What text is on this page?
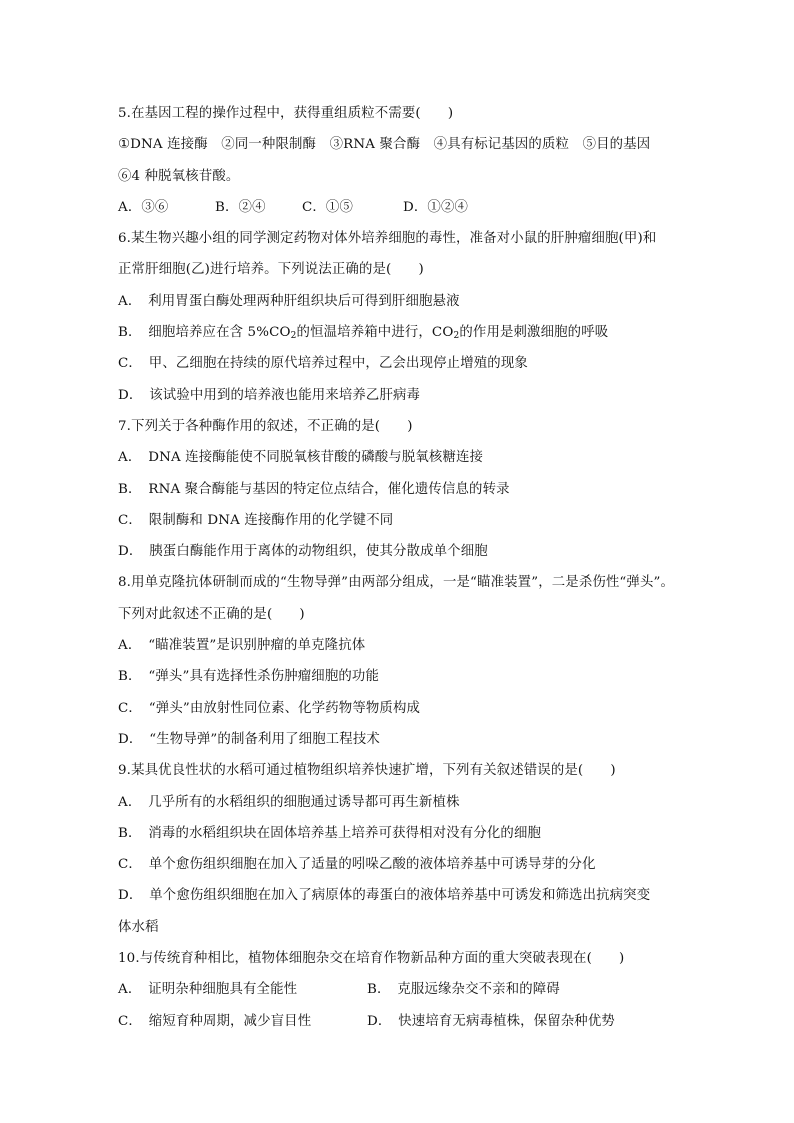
5.在基因工程的操作过程中，获得重组质粒不需要(　　)
①DNA 连接酶　②同一种限制酶　③RNA 聚合酶　④具有标记基因的质粒　⑤目的基因
⑥4 种脱氧核苷酸。
A．③⑥	B．②④	C．①⑤	D．①②④
6.某生物兴趣小组的同学测定药物对体外培养细胞的毒性，准备对小鼠的肝肿瘤细胞(甲)和
正常肝细胞(乙)进行培养。下列说法正确的是(　　)
A．　利用胃蛋白酶处理两种肝组织块后可得到肝细胞悬液
B．　细胞培养应在含 $5\%CO_2$的恒温培养箱中进行，$CO_2$的作用是刺激细胞的呼吸
C．　甲、乙细胞在持续的原代培养过程中，乙会出现停止增殖的现象
D．　该试验中用到的培养液也能用来培养乙肝病毒
7.下列关于各种酶作用的叙述，不正确的是(　　)
A．　DNA 连接酶能使不同脱氧核苷酸的磷酸与脱氧核糖连接
B．　RNA 聚合酶能与基因的特定位点结合，催化遗传信息的转录
C．　限制酶和 DNA 连接酶作用的化学键不同
D．　胰蛋白酶能作用于离体的动物组织，使其分散成单个细胞
8.用单克隆抗体研制而成的“生物导弹”由两部分组成，一是“瞄准装置”，二是杀伤性“弹头”。
下列对此叙述不正确的是(　　)
A．　“瞄准装置”是识别肿瘤的单克隆抗体
B．　“弹头”具有选择性杀伤肿瘤细胞的功能
C．　“弹头”由放射性同位素、化学药物等物质构成
D．　“生物导弹”的制备利用了细胞工程技术
9.某具优良性状的水稻可通过植物组织培养快速扩增，下列有关叙述错误的是(　　)
A．　几乎所有的水稻组织的细胞通过诱导都可再生新植株
B．　消毒的水稻组织块在固体培养基上培养可获得相对没有分化的细胞
C．　单个愈伤组织细胞在加入了适量的吲哚乙酸的液体培养基中可诱导芽的分化
D．　单个愈伤组织细胞在加入了病原体的毒蛋白的液体培养基中可诱发和筛选出抗病突变
体水稻
10.与传统育种相比，植物体细胞杂交在培育作物新品种方面的重大突破表现在(　　)
A．　证明杂种细胞具有全能性	B．　克服远缘杂交不亲和的障碍
C．　缩短育种周期，减少盲目性	D．　快速培育无病毒植株，保留杂种优势
